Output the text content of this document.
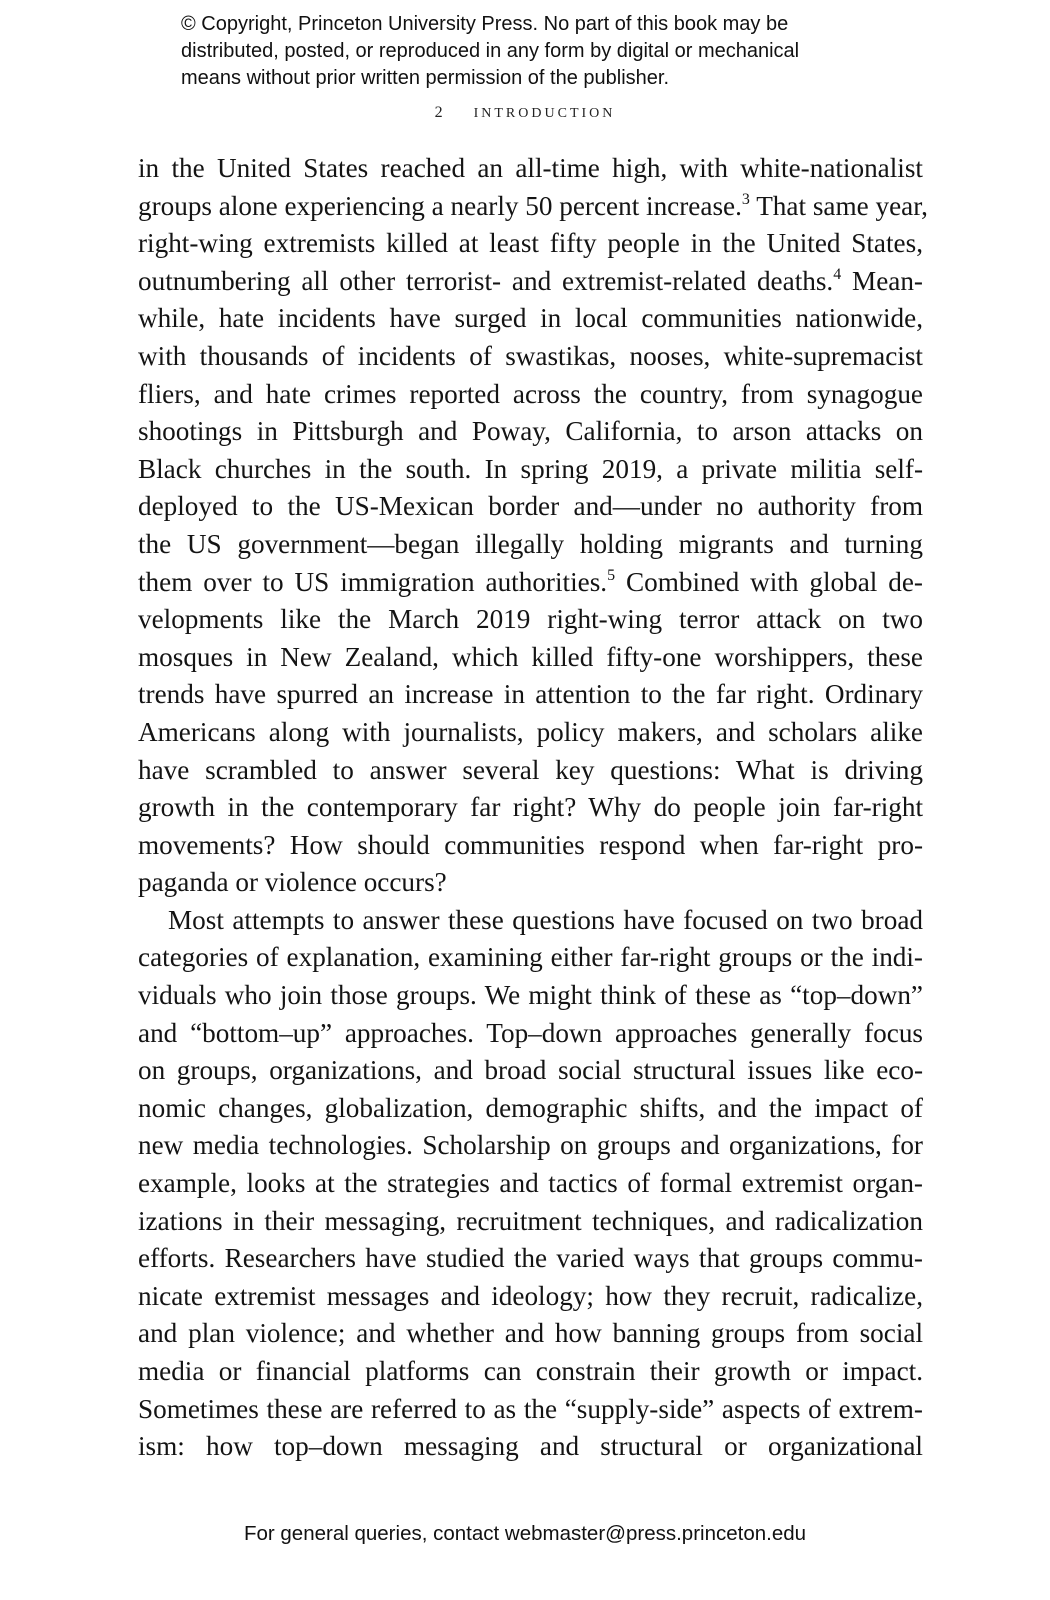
© Copyright, Princeton University Press. No part of this book may be
distributed, posted, or reproduced in any form by digital or mechanical
means without prior written permission of the publisher.
2 introduction
in the United States reached an all-time high, with white-nationalist
groups alone experiencing a nearly 50 percent increase.$^3$ That same year,
right-wing extremists killed at least fifty people in the United States,
outnumbering all other terrorist- and extremist-related deaths.$^4$ Mean-
while, hate incidents have surged in local communities nationwide,
with thousands of incidents of swastikas, nooses, white-supremacist
fliers, and hate crimes reported across the country, from synagogue
shootings in Pittsburgh and Poway, California, to arson attacks on
Black churches in the south. In spring 2019, a private militia self-
deployed to the US-Mexican border and—under no authority from
the US government—began illegally holding migrants and turning
them over to US immigration authorities.$^5$ Combined with global de-
velopments like the March 2019 right-wing terror attack on two
mosques in New Zealand, which killed fifty-one worshippers, these
trends have spurred an increase in attention to the far right. Ordinary
Americans along with journalists, policy makers, and scholars alike
have scrambled to answer several key questions: What is driving
growth in the contemporary far right? Why do people join far-right
movements? How should communities respond when far-right pro-
paganda or violence occurs?
Most attempts to answer these questions have focused on two broad
categories of explanation, examining either far-right groups or the indi-
viduals who join those groups. We might think of these as “top–down”
and “bottom–up” approaches. Top–down approaches generally focus
on groups, organizations, and broad social structural issues like eco-
nomic changes, globalization, demographic shifts, and the impact of
new media technologies. Scholarship on groups and organizations, for
example, looks at the strategies and tactics of formal extremist organ-
izations in their messaging, recruitment techniques, and radicalization
efforts. Researchers have studied the varied ways that groups commu-
nicate extremist messages and ideology; how they recruit, radicalize,
and plan violence; and whether and how banning groups from social
media or financial platforms can constrain their growth or impact.
Sometimes these are referred to as the “supply-side” aspects of extrem-
ism: how top–down messaging and structural or organizational
For general queries, contact webmaster@press.princeton.edu
